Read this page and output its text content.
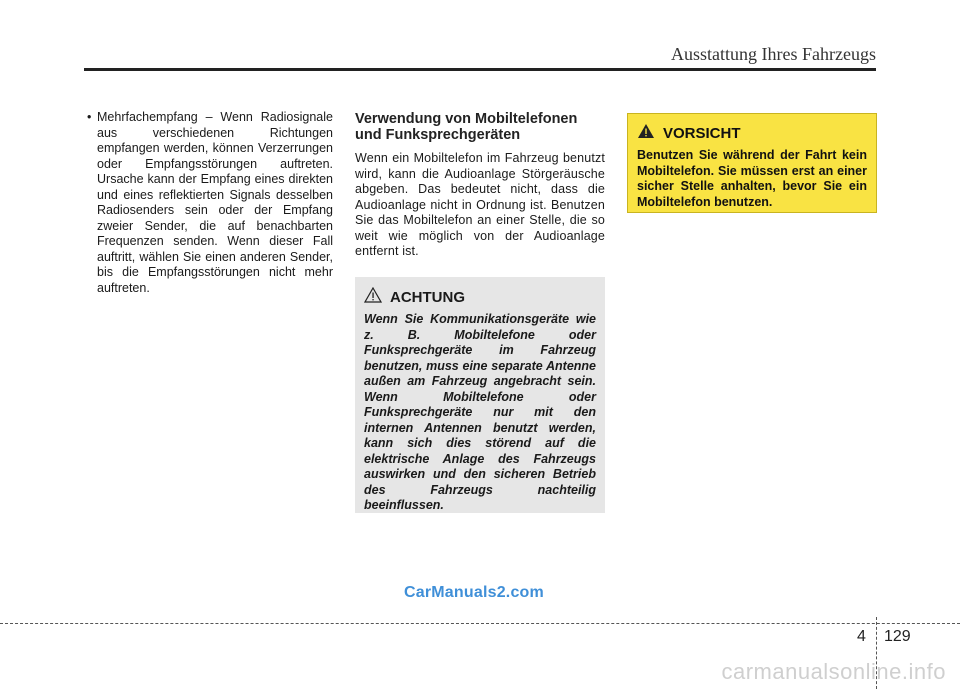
Ausstattung Ihres Fahrzeugs
• Mehrfachempfang – Wenn Radiosignale aus verschiedenen Richtungen empfangen werden, können Verzerrungen oder Empfangsstörungen auftreten. Ursache kann der Empfang eines direkten und eines reflektierten Signals desselben Radiosenders sein oder der Empfang zweier Sender, die auf benachbarten Frequenzen senden. Wenn dieser Fall auftritt, wählen Sie einen anderen Sender, bis die Empfangsstörungen nicht mehr auftreten.
Verwendung von Mobiltelefonen und Funksprechgeräten

Wenn ein Mobiltelefon im Fahrzeug benutzt wird, kann die Audioanlage Störgeräusche abgeben. Das bedeutet nicht, dass die Audioanlage nicht in Ordnung ist. Benutzen Sie das Mobiltelefon an einer Stelle, die so weit wie möglich von der Audioanlage entfernt ist.

ACHTUNG
Wenn Sie Kommunikationsgeräte wie z. B. Mobiltelefone oder Funksprechgeräte im Fahrzeug benutzen, muss eine separate Antenne außen am Fahrzeug angebracht sein. Wenn Mobiltelefone oder Funksprechgeräte nur mit den internen Antennen benutzt werden, kann sich dies störend auf die elektrische Anlage des Fahrzeugs auswirken und den sicheren Betrieb des Fahrzeugs nachteilig beeinflussen.
VORSICHT
Benutzen Sie während der Fahrt kein Mobiltelefon. Sie müssen erst an einer sicher Stelle anhalten, bevor Sie ein Mobiltelefon benutzen.
CarManuals2.com
4 129
carmanualsonline.info
